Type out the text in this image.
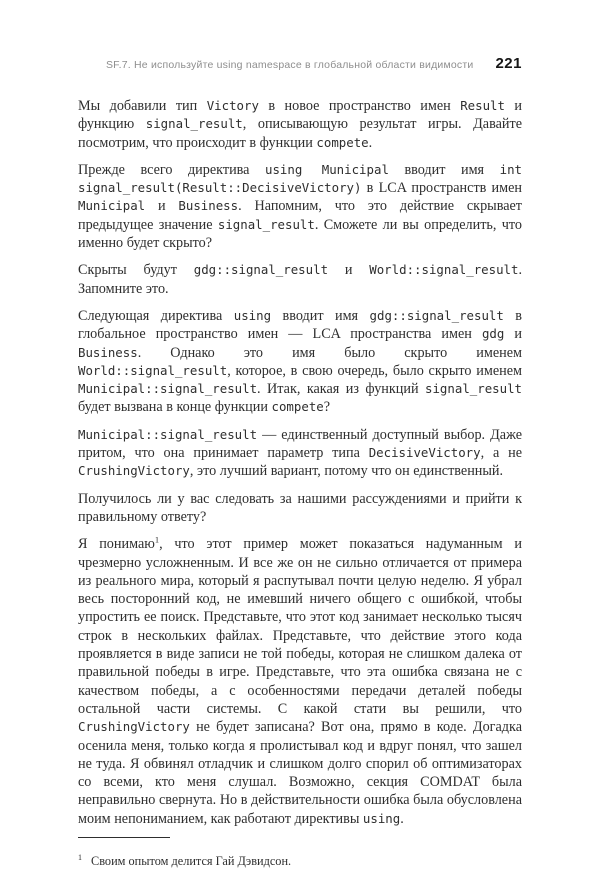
SF.7. Не используйте using namespace в глобальной области видимости 221

Мы добавили тип Victory в новое пространство имен Result и функцию signal_result, описывающую результат игры. Давайте посмотрим, что происходит в функции compete.

Прежде всего директива using Municipal вводит имя int signal_result(Result::DecisiveVictory) в LCA пространств имен Municipal и Business. Напомним, что это действие скрывает предыдущее значение signal_result. Сможете ли вы определить, что именно будет скрыто?

Скрыты будут gdg::signal_result и World::signal_result. Запомните это.

Следующая директива using вводит имя gdg::signal_result в глобальное пространство имен — LCA пространства имен gdg и Business. Однако это имя было скрыто именем World::signal_result, которое, в свою очередь, было скрыто именем Municipal::signal_result. Итак, какая из функций signal_result будет вызвана в конце функции compete?

Municipal::signal_result — единственный доступный выбор. Даже притом, что она принимает параметр типа DecisiveVictory, а не CrushingVictory, это лучший вариант, потому что он единственный.

Получилось ли у вас следовать за нашими рассуждениями и прийти к правильному ответу?

Я понимаю$^1$, что этот пример может показаться надуманным и чрезмерно усложненным. И все же он не сильно отличается от примера из реального мира, который я распутывал почти целую неделю. Я убрал весь посторонний код, не имевший ничего общего с ошибкой, чтобы упростить ее поиск. Представьте, что этот код занимает несколько тысяч строк в нескольких файлах. Представьте, что действие этого кода проявляется в виде записи не той победы, которая не слишком далека от правильной победы в игре. Представьте, что эта ошибка связана не с качеством победы, а с особенностями передачи деталей победы остальной части системы. С какой стати вы решили, что CrushingVictory не будет записана? Вот она, прямо в коде. Догадка осенила меня, только когда я пролистывал код и вдруг понял, что зашел не туда. Я обвинял отладчик и слишком долго спорил об оптимизаторах со всеми, кто меня слушал. Возможно, секция COMDAT была неправильно свернута. Но в действительности ошибка была обусловлена моим непониманием, как работают директивы using.

$^1$ Своим опытом делится Гай Дэвидсон.
